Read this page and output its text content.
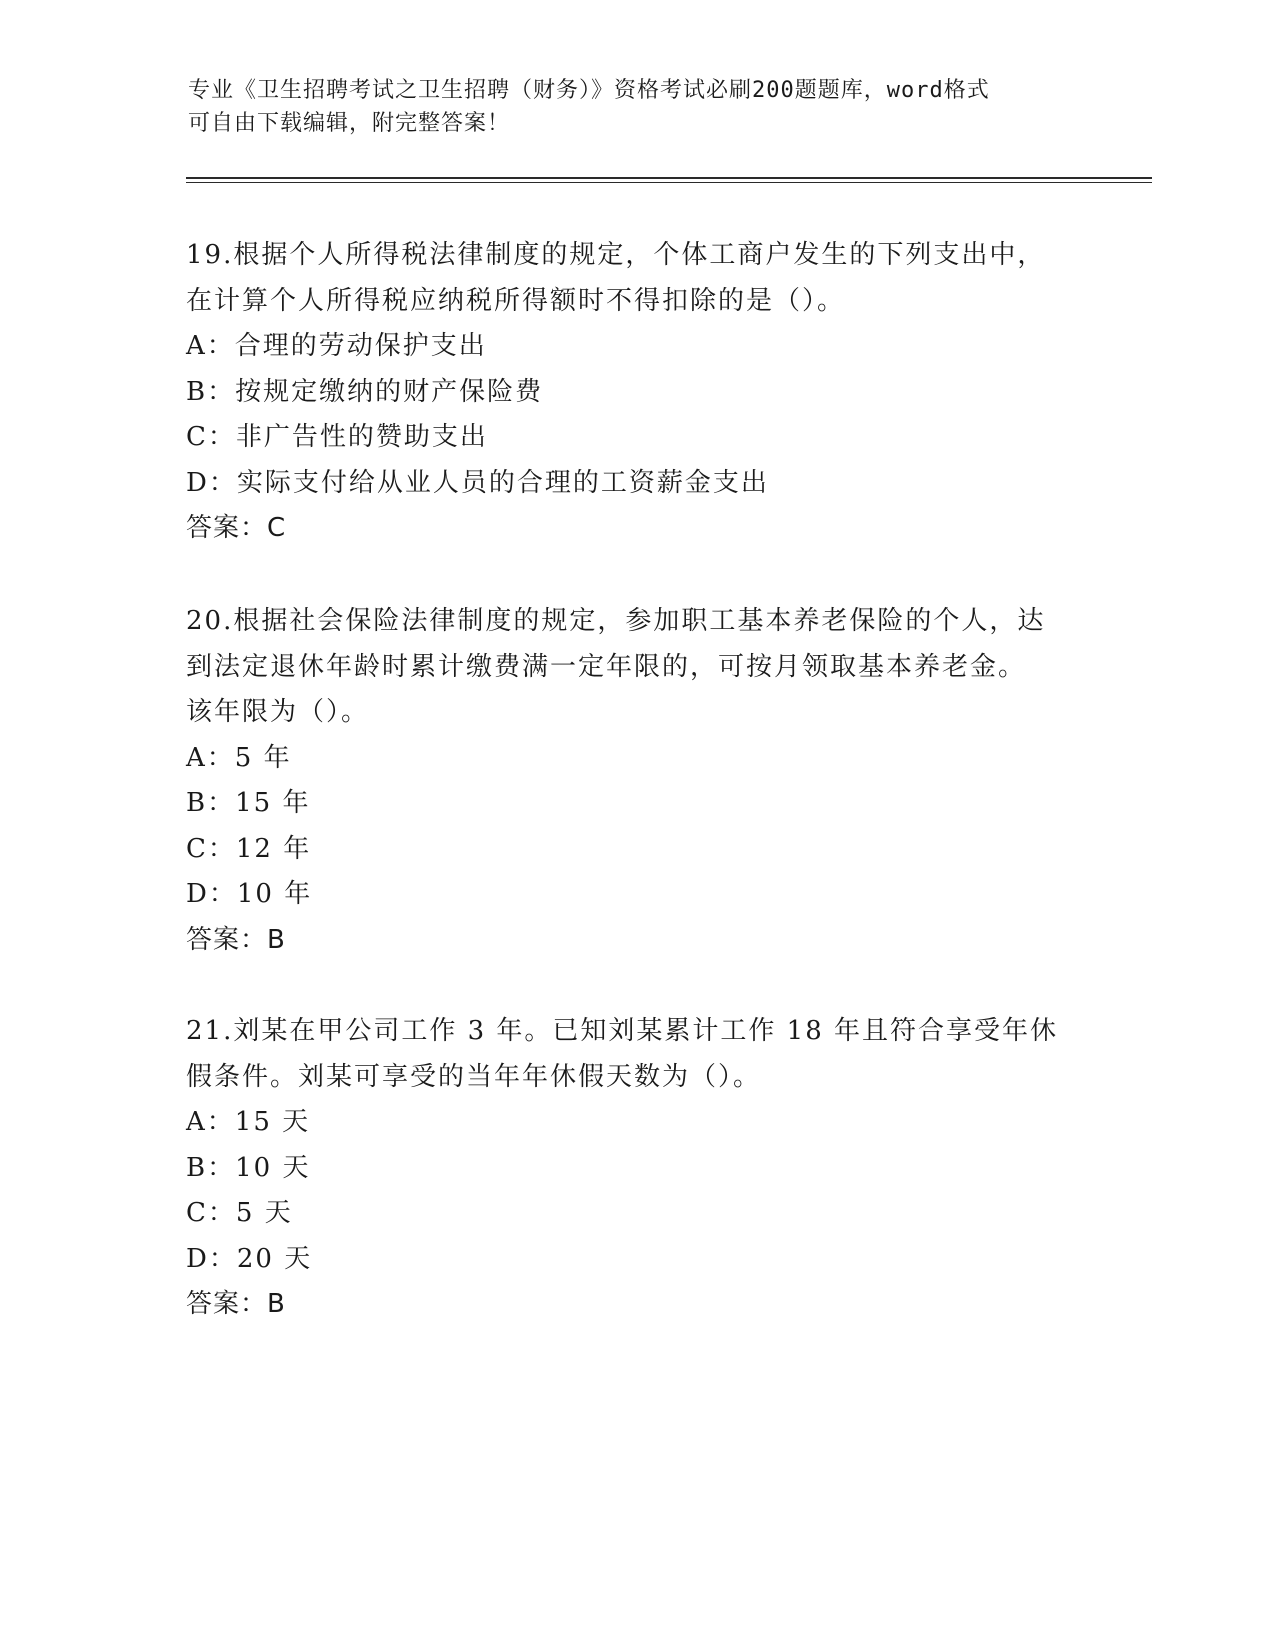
专业《卫生招聘考试之卫生招聘（财务）》资格考试必刷200题题库，word格式
可自由下载编辑，附完整答案！
19.根据个人所得税法律制度的规定，个体工商户发生的下列支出中，
在计算个人所得税应纳税所得额时不得扣除的是（）。
A：合理的劳动保护支出
B：按规定缴纳的财产保险费
C：非广告性的赞助支出
D：实际支付给从业人员的合理的工资薪金支出
答案：C
20.根据社会保险法律制度的规定，参加职工基本养老保险的个人，达
到法定退休年龄时累计缴费满一定年限的，可按月领取基本养老金。
该年限为（）。
A：5 年
B：15 年
C：12 年
D：10 年
答案：B
21.刘某在甲公司工作 3 年。已知刘某累计工作 18 年且符合享受年休
假条件。刘某可享受的当年年休假天数为（）。
A：15 天
B：10 天
C：5 天
D：20 天
答案：B
